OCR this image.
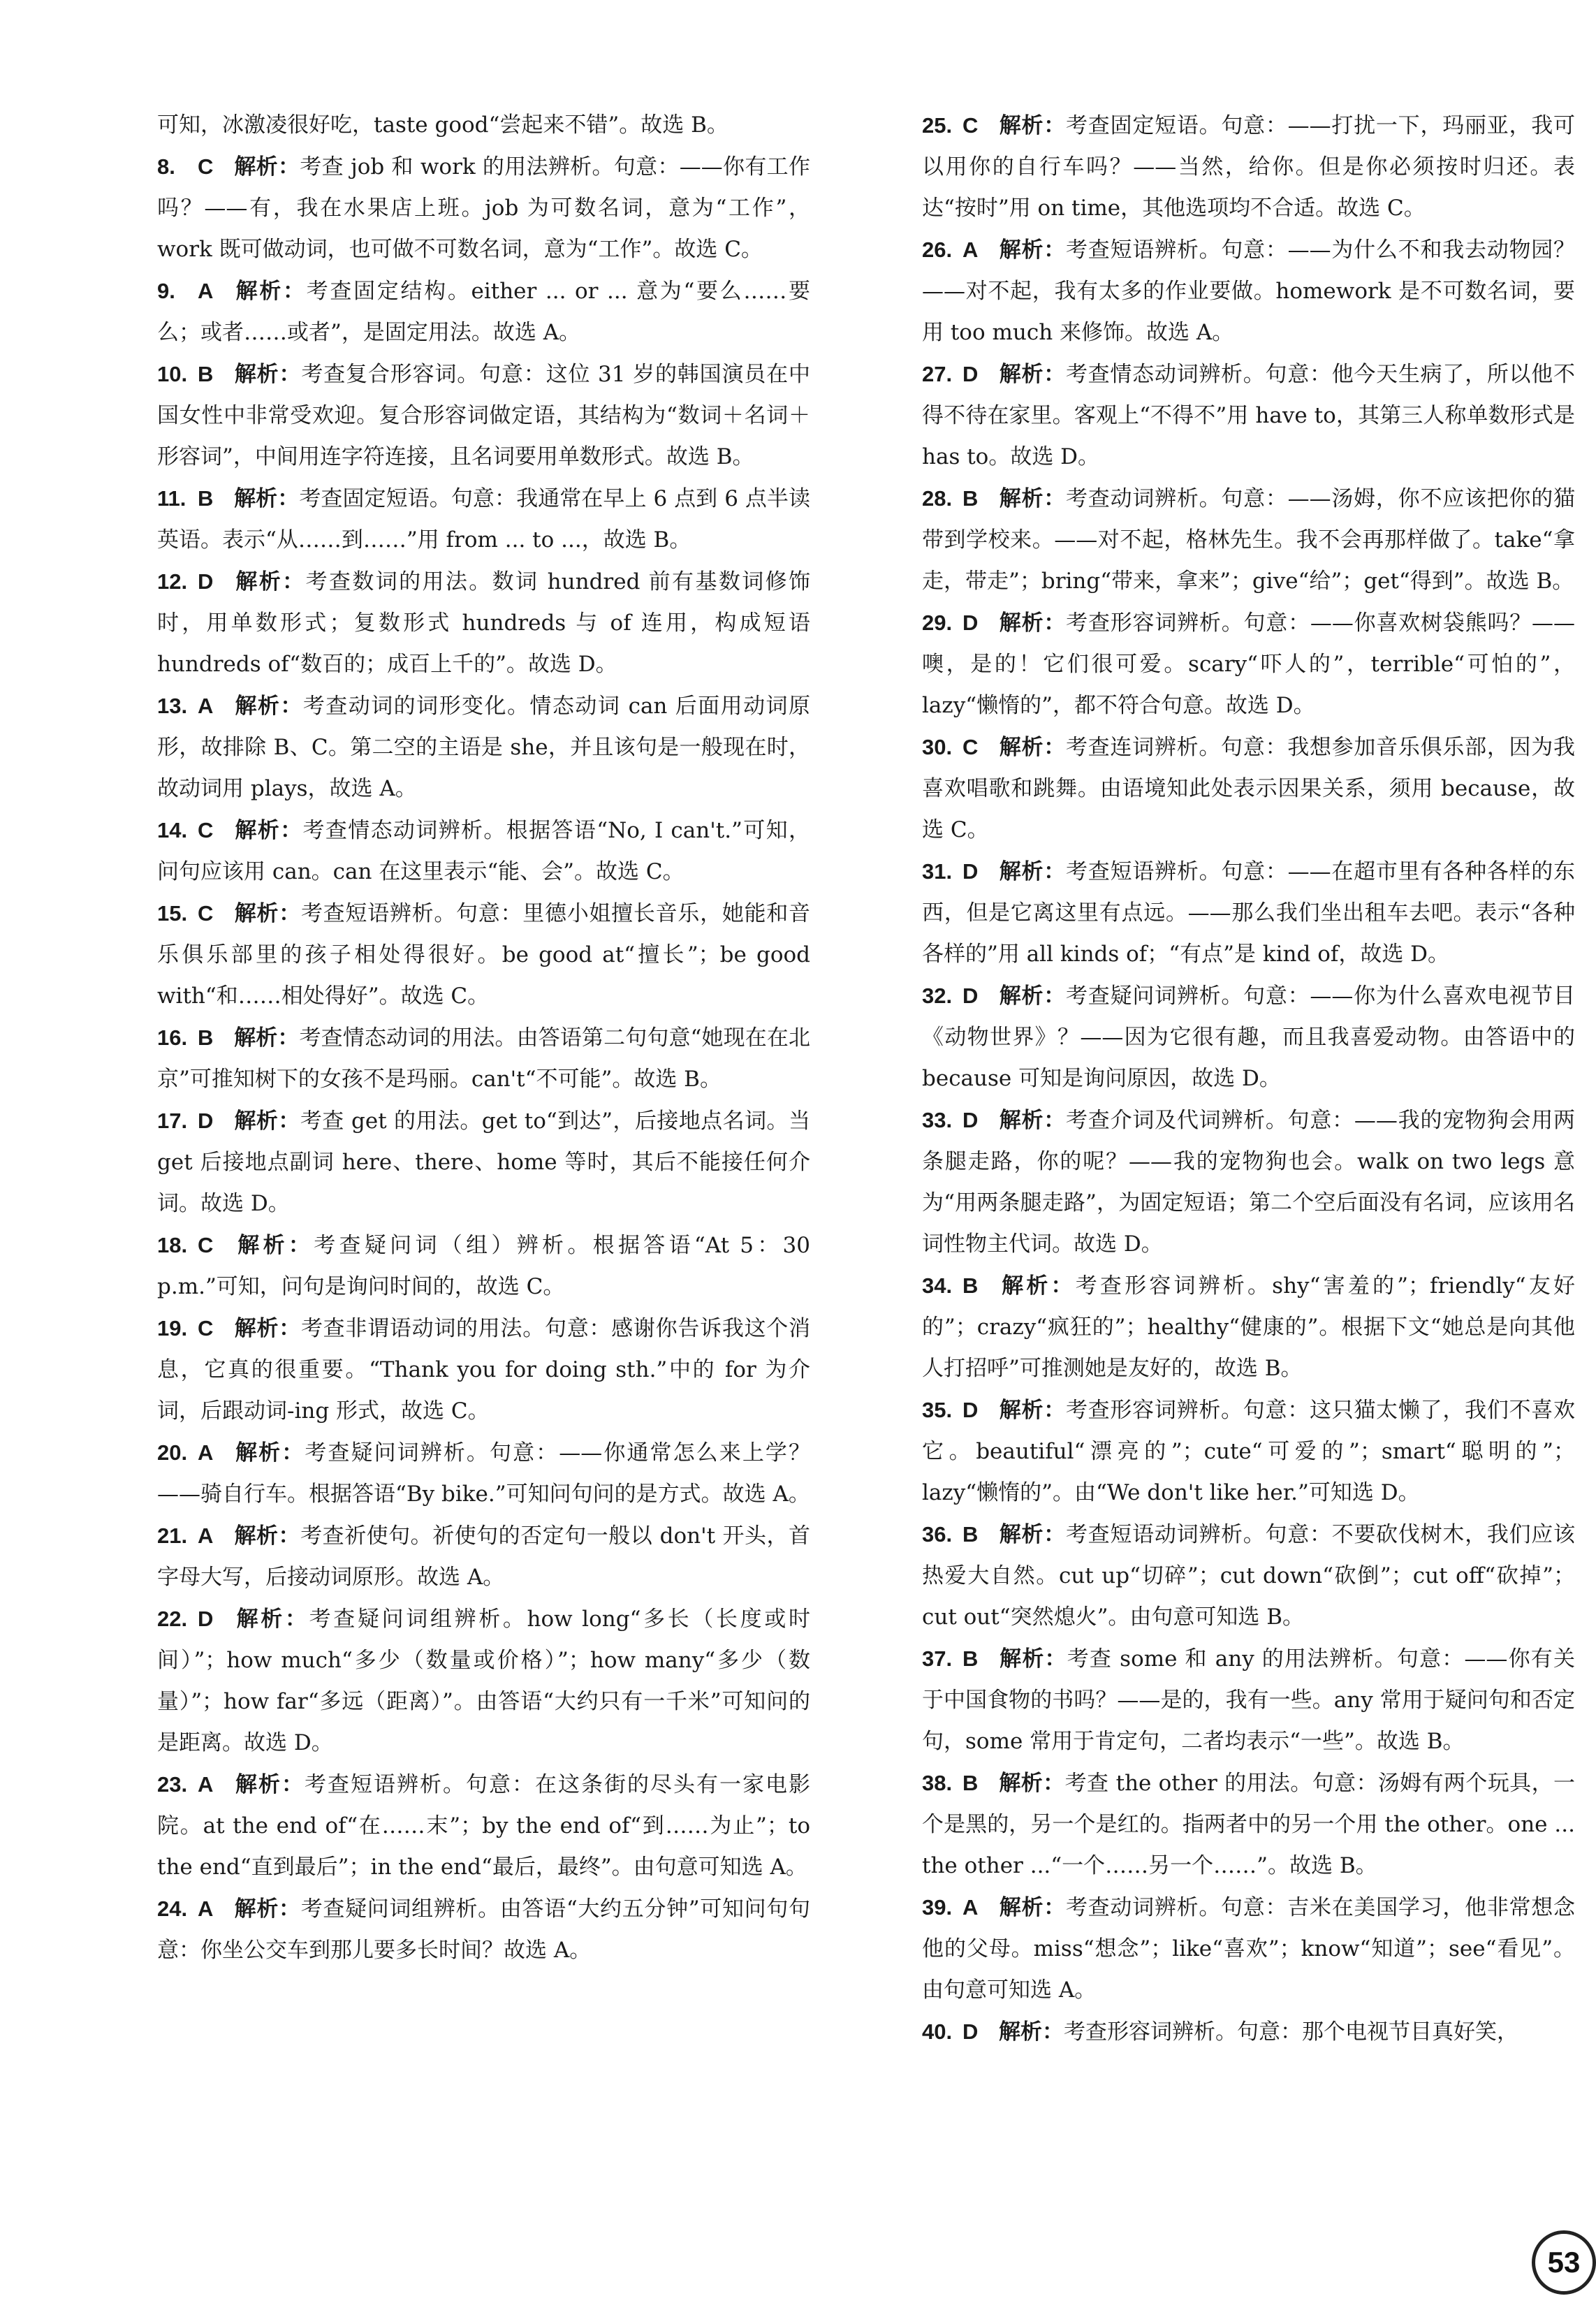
可知，冰激凌很好吃，taste good“尝起来不错”。故选 B。

8. C 解析：考查 job 和 work 的用法辨析。句意：——你有工作吗？——有，我在水果店上班。job 为可数名词，意为“工作”，work 既可做动词，也可做不可数名词，意为“工作”。故选 C。

9. A 解析：考查固定结构。either ... or ... 意为“要么……要么；或者……或者”，是固定用法。故选 A。

10. B 解析：考查复合形容词。句意：这位 31 岁的韩国演员在中国女性中非常受欢迎。复合形容词做定语，其结构为“数词＋名词＋形容词”，中间用连字符连接，且名词要用单数形式。故选 B。

11. B 解析：考查固定短语。句意：我通常在早上 6 点到 6 点半读英语。表示“从……到……”用 from ... to ...，故选 B。

12. D 解析：考查数词的用法。数词 hundred 前有基数词修饰时，用单数形式；复数形式 hundreds 与 of 连用，构成短语 hundreds of“数百的；成百上千的”。故选 D。

13. A 解析：考查动词的词形变化。情态动词 can 后面用动词原形，故排除 B、C。第二空的主语是 she，并且该句是一般现在时，故动词用 plays，故选 A。

14. C 解析：考查情态动词辨析。根据答语“No, I can't.”可知，问句应该用 can。can 在这里表示“能、会”。故选 C。

15. C 解析：考查短语辨析。句意：里德小姐擅长音乐，她能和音乐俱乐部里的孩子相处得很好。be good at“擅长”；be good with“和……相处得好”。故选 C。

16. B 解析：考查情态动词的用法。由答语第二句句意“她现在在北京”可推知树下的女孩不是玛丽。can't“不可能”。故选 B。

17. D 解析：考查 get 的用法。get to“到达”，后接地点名词。当 get 后接地点副词 here、there、home 等时，其后不能接任何介词。故选 D。

18. C 解析：考查疑问词（组）辨析。根据答语“At 5：30 p.m.”可知，问句是询问时间的，故选 C。

19. C 解析：考查非谓语动词的用法。句意：感谢你告诉我这个消息，它真的很重要。“Thank you for doing sth.”中的 for 为介词，后跟动词-ing 形式，故选 C。

20. A 解析：考查疑问词辨析。句意：——你通常怎么来上学？——骑自行车。根据答语“By bike.”可知问句问的是方式。故选 A。

21. A 解析：考查祈使句。祈使句的否定句一般以 don't 开头，首字母大写，后接动词原形。故选 A。

22. D 解析：考查疑问词组辨析。how long“多长（长度或时间）”；how much“多少（数量或价格）”；how many“多少（数量）”；how far“多远（距离）”。由答语“大约只有一千米”可知问的是距离。故选 D。

23. A 解析：考查短语辨析。句意：在这条街的尽头有一家电影院。at the end of“在……末”；by the end of“到……为止”；to the end“直到最后”；in the end“最后，最终”。由句意可知选 A。

24. A 解析：考查疑问词组辨析。由答语“大约五分钟”可知问句句意：你坐公交车到那儿要多长时间？故选 A。

25. C 解析：考查固定短语。句意：——打扰一下，玛丽亚，我可以用你的自行车吗？——当然，给你。但是你必须按时归还。表达“按时”用 on time，其他选项均不合适。故选 C。

26. A 解析：考查短语辨析。句意：——为什么不和我去动物园？——对不起，我有太多的作业要做。homework 是不可数名词，要用 too much 来修饰。故选 A。

27. D 解析：考查情态动词辨析。句意：他今天生病了，所以他不得不待在家里。客观上“不得不”用 have to，其第三人称单数形式是 has to。故选 D。

28. B 解析：考查动词辨析。句意：——汤姆，你不应该把你的猫带到学校来。——对不起，格林先生。我不会再那样做了。take“拿走，带走”；bring“带来，拿来”；give“给”；get“得到”。故选 B。

29. D 解析：考查形容词辨析。句意：——你喜欢树袋熊吗？——噢，是的！它们很可爱。scary“吓人的”，terrible“可怕的”，lazy“懒惰的”，都不符合句意。故选 D。

30. C 解析：考查连词辨析。句意：我想参加音乐俱乐部，因为我喜欢唱歌和跳舞。由语境知此处表示因果关系，须用 because，故选 C。

31. D 解析：考查短语辨析。句意：——在超市里有各种各样的东西，但是它离这里有点远。——那么我们坐出租车去吧。表示“各种各样的”用 all kinds of；“有点”是 kind of，故选 D。

32. D 解析：考查疑问词辨析。句意：——你为什么喜欢电视节目《动物世界》？——因为它很有趣，而且我喜爱动物。由答语中的 because 可知是询问原因，故选 D。

33. D 解析：考查介词及代词辨析。句意：——我的宠物狗会用两条腿走路，你的呢？——我的宠物狗也会。walk on two legs 意为“用两条腿走路”，为固定短语；第二个空后面没有名词，应该用名词性物主代词。故选 D。

34. B 解析：考查形容词辨析。shy“害羞的”；friendly“友好的”；crazy“疯狂的”；healthy“健康的”。根据下文“她总是向其他人打招呼”可推测她是友好的，故选 B。

35. D 解析：考查形容词辨析。句意：这只猫太懒了，我们不喜欢它。beautiful“漂亮的”；cute“可爱的”；smart“聪明的”；lazy“懒惰的”。由“We don't like her.”可知选 D。

36. B 解析：考查短语动词辨析。句意：不要砍伐树木，我们应该热爱大自然。cut up“切碎”；cut down“砍倒”；cut off“砍掉”；cut out“突然熄火”。由句意可知选 B。

37. B 解析：考查 some 和 any 的用法辨析。句意：——你有关于中国食物的书吗？——是的，我有一些。any 常用于疑问句和否定句，some 常用于肯定句，二者均表示“一些”。故选 B。

38. B 解析：考查 the other 的用法。句意：汤姆有两个玩具，一个是黑的，另一个是红的。指两者中的另一个用 the other。one ... the other ...“一个……另一个……”。故选 B。

39. A 解析：考查动词辨析。句意：吉米在美国学习，他非常想念他的父母。miss“想念”；like“喜欢”；know“知道”；see“看见”。由句意可知选 A。

40. D 解析：考查形容词辨析。句意：那个电视节目真好笑，

53
